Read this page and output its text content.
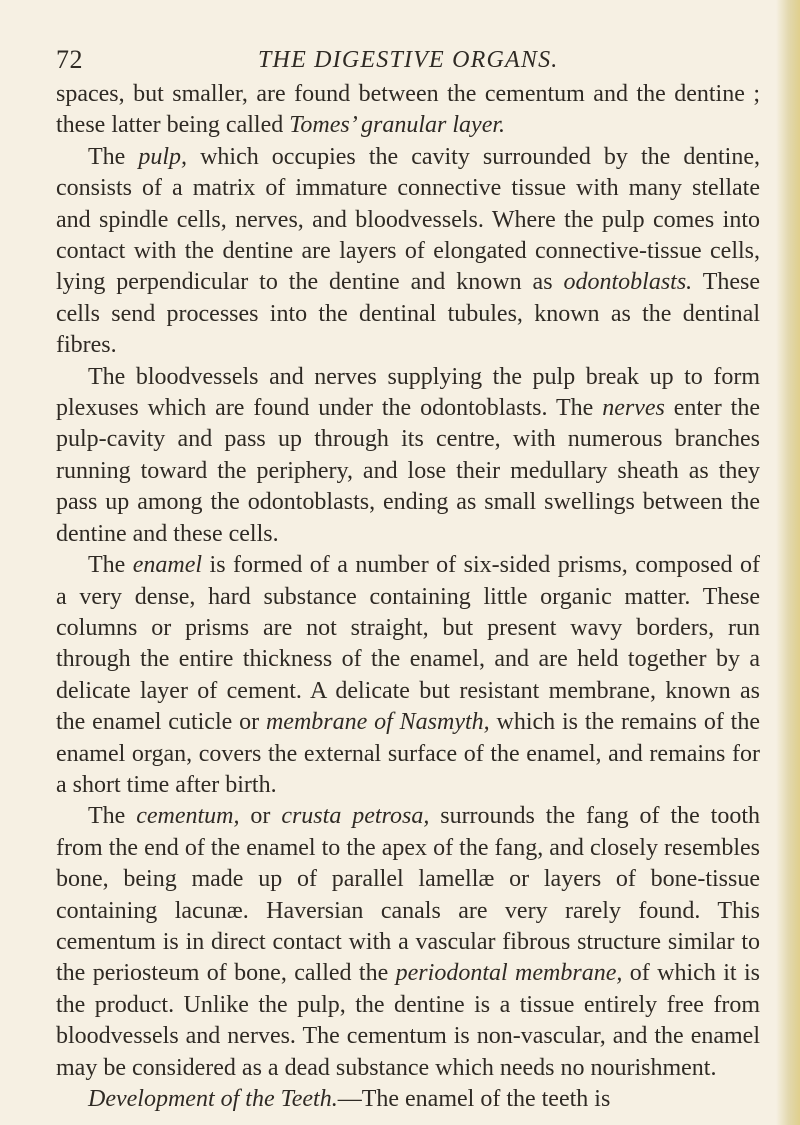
72	THE DIGESTIVE ORGANS.

spaces, but smaller, are found between the cementum and the dentine ; these latter being called Tomes’ granular layer.

The pulp, which occupies the cavity surrounded by the dentine, consists of a matrix of immature connective tissue with many stellate and spindle cells, nerves, and bloodvessels. Where the pulp comes into contact with the dentine are layers of elongated connective-tissue cells, lying perpendicular to the dentine and known as odontoblasts. These cells send processes into the dentinal tubules, known as the dentinal fibres.

The bloodvessels and nerves supplying the pulp break up to form plexuses which are found under the odontoblasts. The nerves enter the pulp-cavity and pass up through its centre, with numerous branches running toward the periphery, and lose their medullary sheath as they pass up among the odontoblasts, ending as small swellings between the dentine and these cells.

The enamel is formed of a number of six-sided prisms, composed of a very dense, hard substance containing little organic matter. These columns or prisms are not straight, but present wavy borders, run through the entire thickness of the enamel, and are held together by a delicate layer of cement. A delicate but resistant membrane, known as the enamel cuticle or membrane of Nasmyth, which is the remains of the enamel organ, covers the external surface of the enamel, and remains for a short time after birth.

The cementum, or crusta petrosa, surrounds the fang of the tooth from the end of the enamel to the apex of the fang, and closely resembles bone, being made up of parallel lamellæ or layers of bone-tissue containing lacunæ. Haversian canals are very rarely found. This cementum is in direct contact with a vascular fibrous structure similar to the periosteum of bone, called the periodontal membrane, of which it is the product. Unlike the pulp, the dentine is a tissue entirely free from bloodvessels and nerves. The cementum is non-vascular, and the enamel may be considered as a dead substance which needs no nourishment.

Development of the Teeth.—The enamel of the teeth is
